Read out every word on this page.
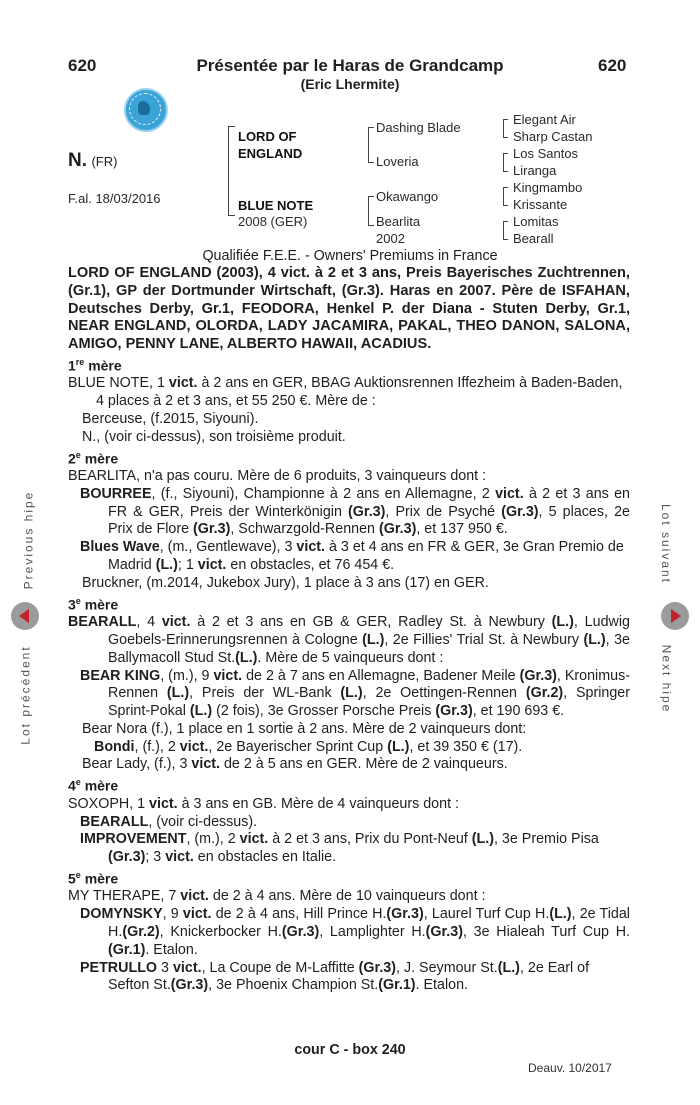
620	620
Présentée par le Haras de Grandcamp
(Eric Lhermite)
N. (FR)
F.al. 18/03/2016
LORD OF ENGLAND
BLUE NOTE
2008 (GER)
Dashing Blade
Loveria
Okawango
Bearlita
2002
Elegant Air
Sharp Castan
Los Santos
Liranga
Kingmambo
Krissante
Lomitas
Bearall
Previous hipe
Lot précédent
Lot suivant
Next hipe
Qualifiée F.E.E. - Owners' Premiums in France

LORD OF ENGLAND (2003), 4 vict. à 2 et 3 ans, Preis Bayerisches Zuchtrennen, (Gr.1), GP der Dortmunder Wirtschaft, (Gr.3). Haras en 2007. Père de ISFAHAN, Deutsches Derby, Gr.1, FEODORA, Henkel P. der Diana - Stuten Derby, Gr.1, NEAR ENGLAND, OLORDA, LADY JACAMIRA, PAKAL, THEO DANON, SALONA, AMIGO, PENNY LANE, ALBERTO HAWAII, ACADIUS.

1re mère

BLUE NOTE, 1 vict. à 2 ans en GER, BBAG Auktionsrennen Iffezheim à Baden-Baden, 4 places à 2 et 3 ans, et 55 250 €. Mère de :

Berceuse, (f.2015, Siyouni).

N., (voir ci-dessus), son troisième produit.

2e mère

BEARLITA, n'a pas couru. Mère de 6 produits, 3 vainqueurs dont :

BOURREE, (f., Siyouni), Championne à 2 ans en Allemagne, 2 vict. à 2 et 3 ans en FR & GER, Preis der Winterkönigin (Gr.3), Prix de Psyché (Gr.3), 5 places, 2e Prix de Flore (Gr.3), Schwarzgold-Rennen (Gr.3), et 137 950 €.

Blues Wave, (m., Gentlewave), 3 vict. à 3 et 4 ans en FR & GER, 3e Gran Premio de Madrid (L.); 1 vict. en obstacles, et 76 454 €.

Bruckner, (m.2014, Jukebox Jury), 1 place à 3 ans (17) en GER.

3e mère

BEARALL, 4 vict. à 2 et 3 ans en GB & GER, Radley St. à Newbury (L.), Ludwig Goebels-Erinnerungsrennen à Cologne (L.), 2e Fillies' Trial St. à Newbury (L.), 3e Ballymacoll Stud St.(L.). Mère de 5 vainqueurs dont :

BEAR KING, (m.), 9 vict. de 2 à 7 ans en Allemagne, Badener Meile (Gr.3), Kronimus-Rennen (L.), Preis der WL-Bank (L.), 2e Oettingen-Rennen (Gr.2), Springer Sprint-Pokal (L.) (2 fois), 3e Grosser Porsche Preis (Gr.3), et 190 693 €.

Bear Nora (f.), 1 place en 1 sortie à 2 ans. Mère de 2 vainqueurs dont:

Bondi, (f.), 2 vict., 2e Bayerischer Sprint Cup (L.), et 39 350 € (17).

Bear Lady, (f.), 3 vict. de 2 à 5 ans en GER. Mère de 2 vainqueurs.

4e mère

SOXOPH, 1 vict. à 3 ans en GB. Mère de 4 vainqueurs dont :

BEARALL, (voir ci-dessus).

IMPROVEMENT, (m.), 2 vict. à 2 et 3 ans, Prix du Pont-Neuf (L.), 3e Premio Pisa (Gr.3); 3 vict. en obstacles en Italie.

5e mère

MY THERAPE, 7 vict. de 2 à 4 ans. Mère de 10 vainqueurs dont :

DOMYNSKY, 9 vict. de 2 à 4 ans, Hill Prince H.(Gr.3), Laurel Turf Cup H.(L.), 2e Tidal H.(Gr.2), Knickerbocker H.(Gr.3), Lamplighter H.(Gr.3), 3e Hialeah Turf Cup H.(Gr.1). Etalon.

PETRULLO 3 vict., La Coupe de M-Laffitte (Gr.3), J. Seymour St.(L.), 2e Earl of Sefton St.(Gr.3), 3e Phoenix Champion St.(Gr.1). Etalon.

cour C - box 240
Deauv. 10/2017
